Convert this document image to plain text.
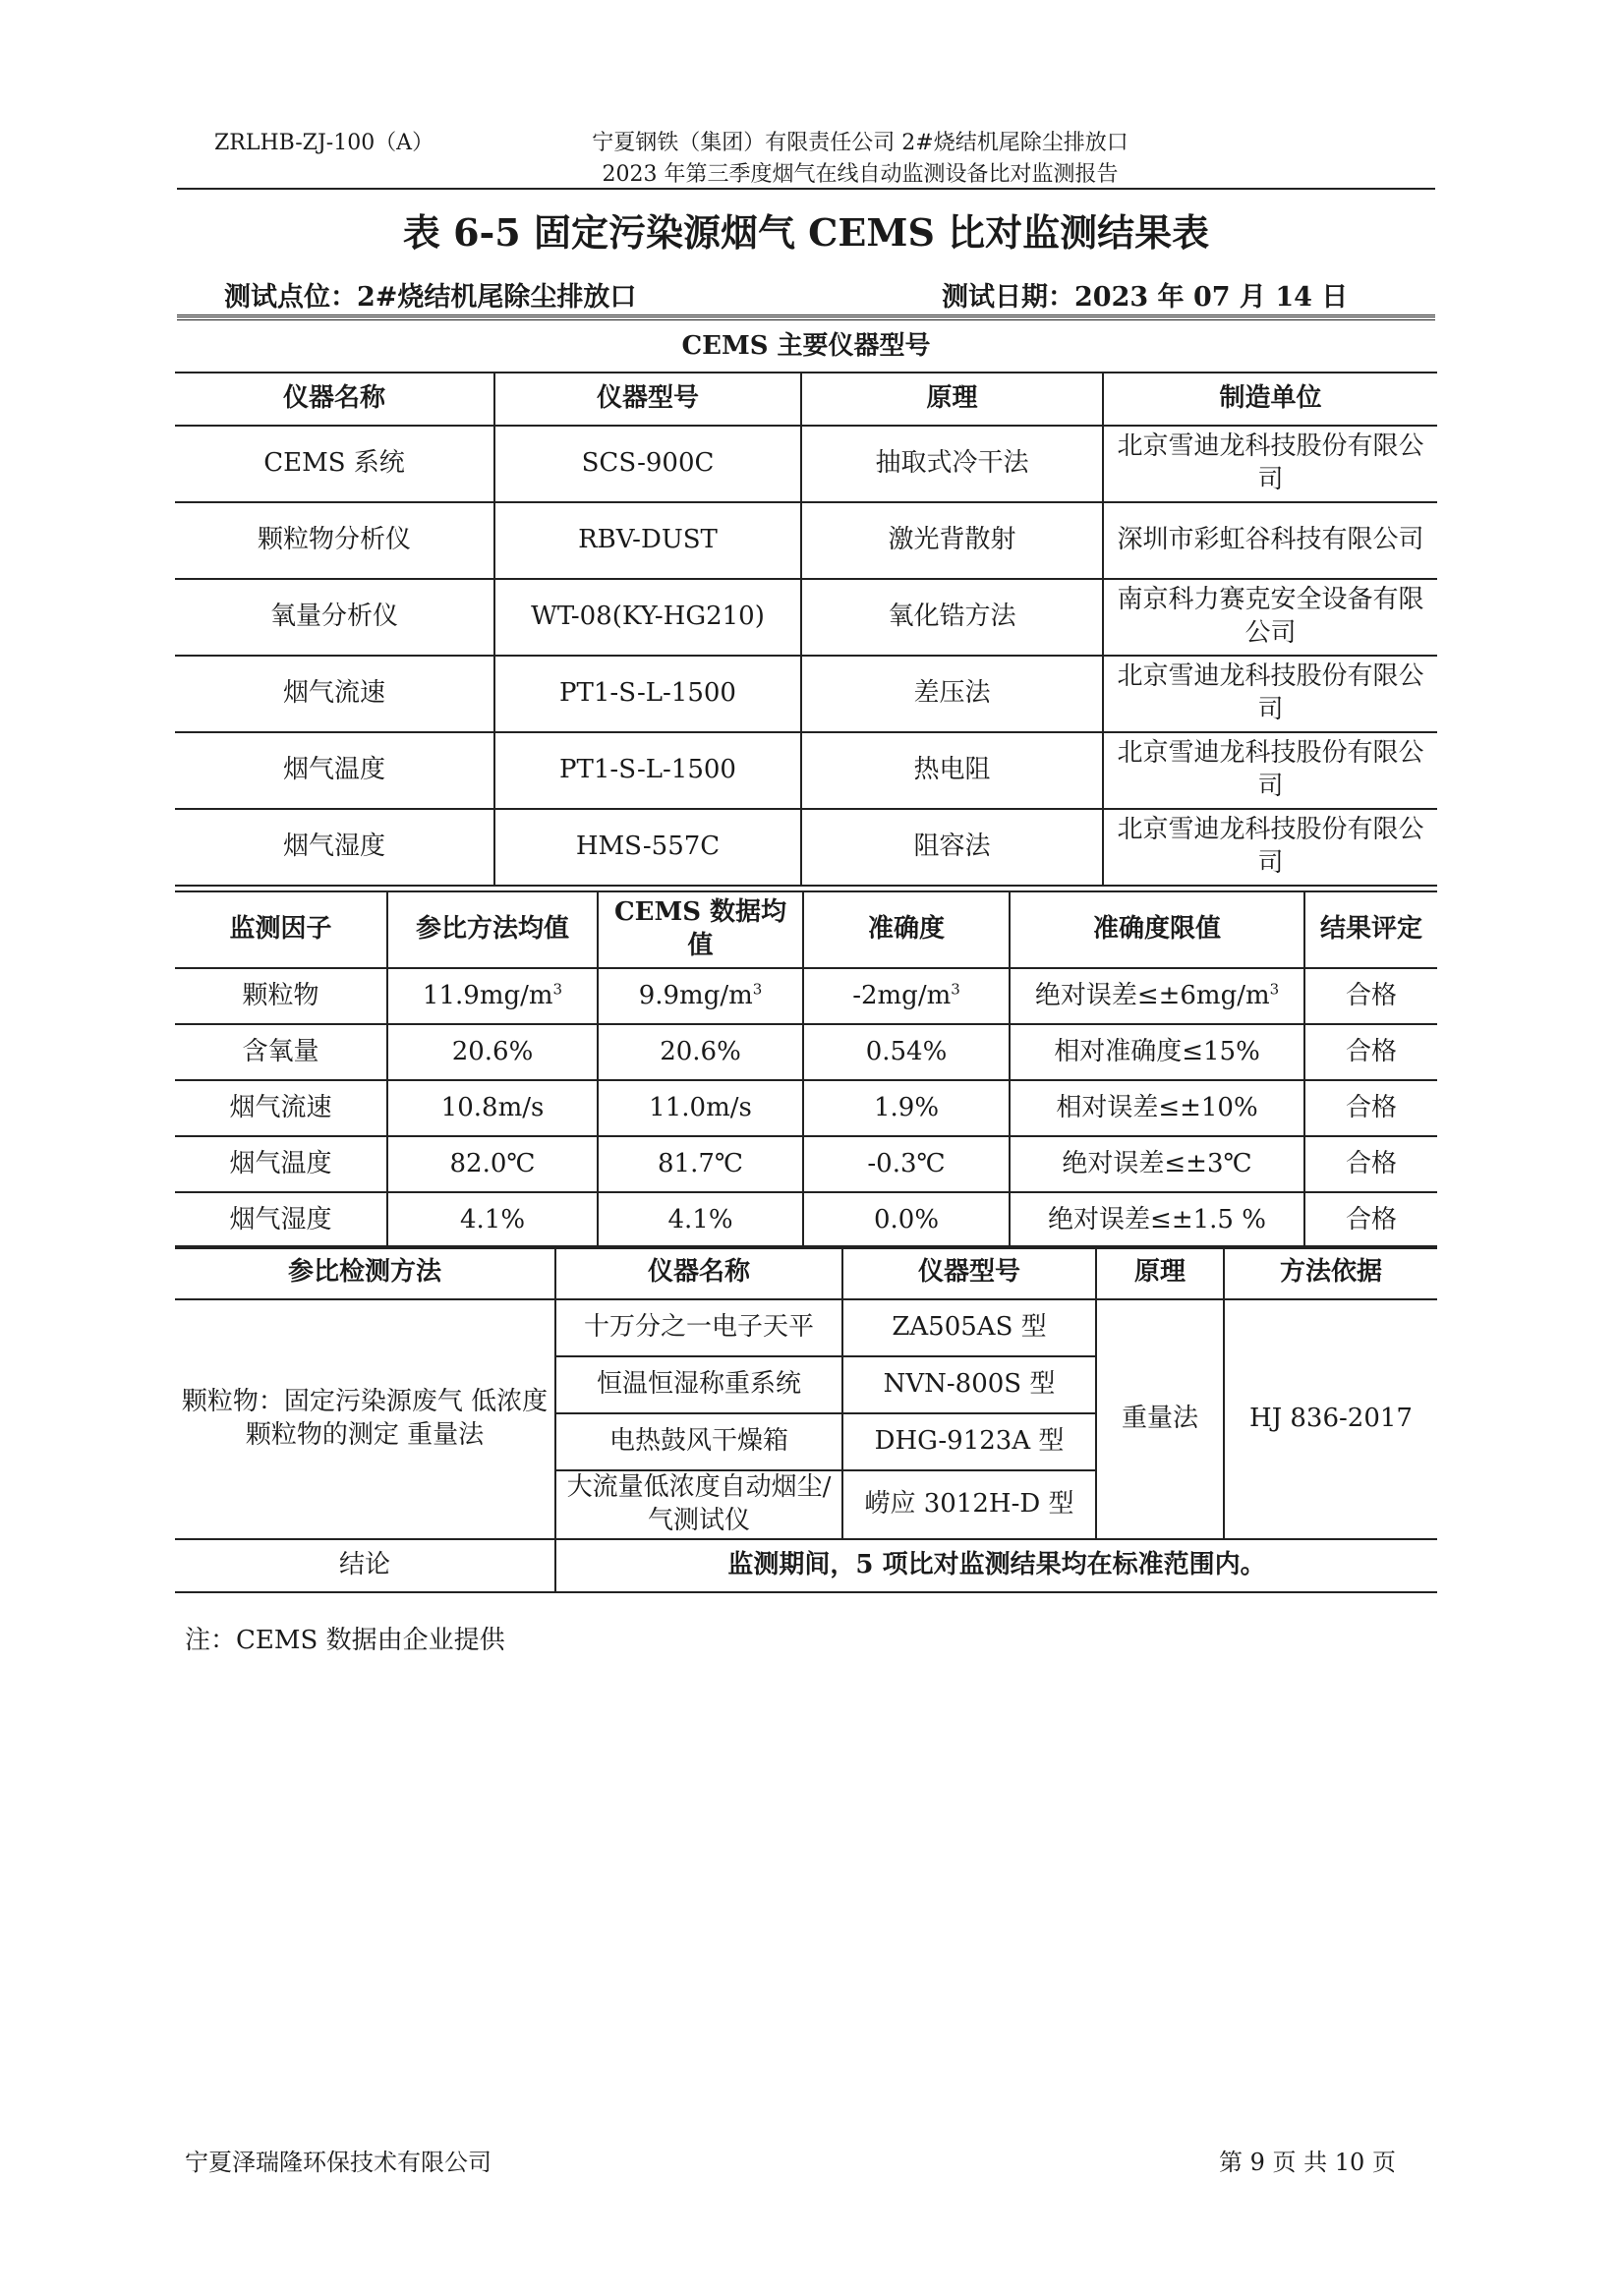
ZRLHB-ZJ-100（A）	宁夏钢铁（集团）有限责任公司 2#烧结机尾除尘排放口
2023 年第三季度烟气在线自动监测设备比对监测报告
表 6-5 固定污染源烟气 CEMS 比对监测结果表
测试点位：2#烧结机尾除尘排放口	测试日期：2023 年 07 月 14 日
CEMS 主要仪器型号			
仪器名称	仪器型号	原理	制造单位
CEMS 系统	SCS-900C	抽取式冷干法	北京雪迪龙科技股份有限公司
颗粒物分析仪	RBV-DUST	激光背散射	深圳市彩虹谷科技有限公司
氧量分析仪	WT-08(KY-HG210)	氧化锆方法	南京科力赛克安全设备有限公司
烟气流速	PT1-S-L-1500	差压法	北京雪迪龙科技股份有限公司
烟气温度	PT1-S-L-1500	热电阻	北京雪迪龙科技股份有限公司
烟气湿度	HMS-557C	阻容法	北京雪迪龙科技股份有限公司
监测因子	参比方法均值	CEMS 数据均值	准确度	准确度限值	结果评定
颗粒物	$11.9mg/m^3$	$9.9mg/m^3$	$-2mg/m^3$	绝对误差$\le\pm 6mg/m^3$	合格
含氧量	20.6%	20.6%	0.54%	相对准确度≤15%	合格
烟气流速	10.8m/s	11.0m/s	1.9%	相对误差≤±10%	合格
烟气温度	82.0℃	81.7℃	-0.3℃	绝对误差≤±3℃	合格
烟气湿度	4.1%	4.1%	0.0%	绝对误差≤±1.5 %	合格
参比检测方法	仪器名称	仪器型号	原理	方法依据
颗粒物：固定污染源废气 低浓度颗粒物的测定 重量法	十万分之一电子天平	ZA505AS 型	重量法	HJ 836-2017
	恒温恒湿称重系统	NVN-800S 型		
	电热鼓风干燥箱	DHG-9123A 型		
	大流量低浓度自动烟尘/气测试仪	崂应 3012H-D 型		
结论	监测期间，5 项比对监测结果均在标准范围内。			
注：CEMS 数据由企业提供
宁夏泽瑞隆环保技术有限公司	第 9 页 共 10 页
